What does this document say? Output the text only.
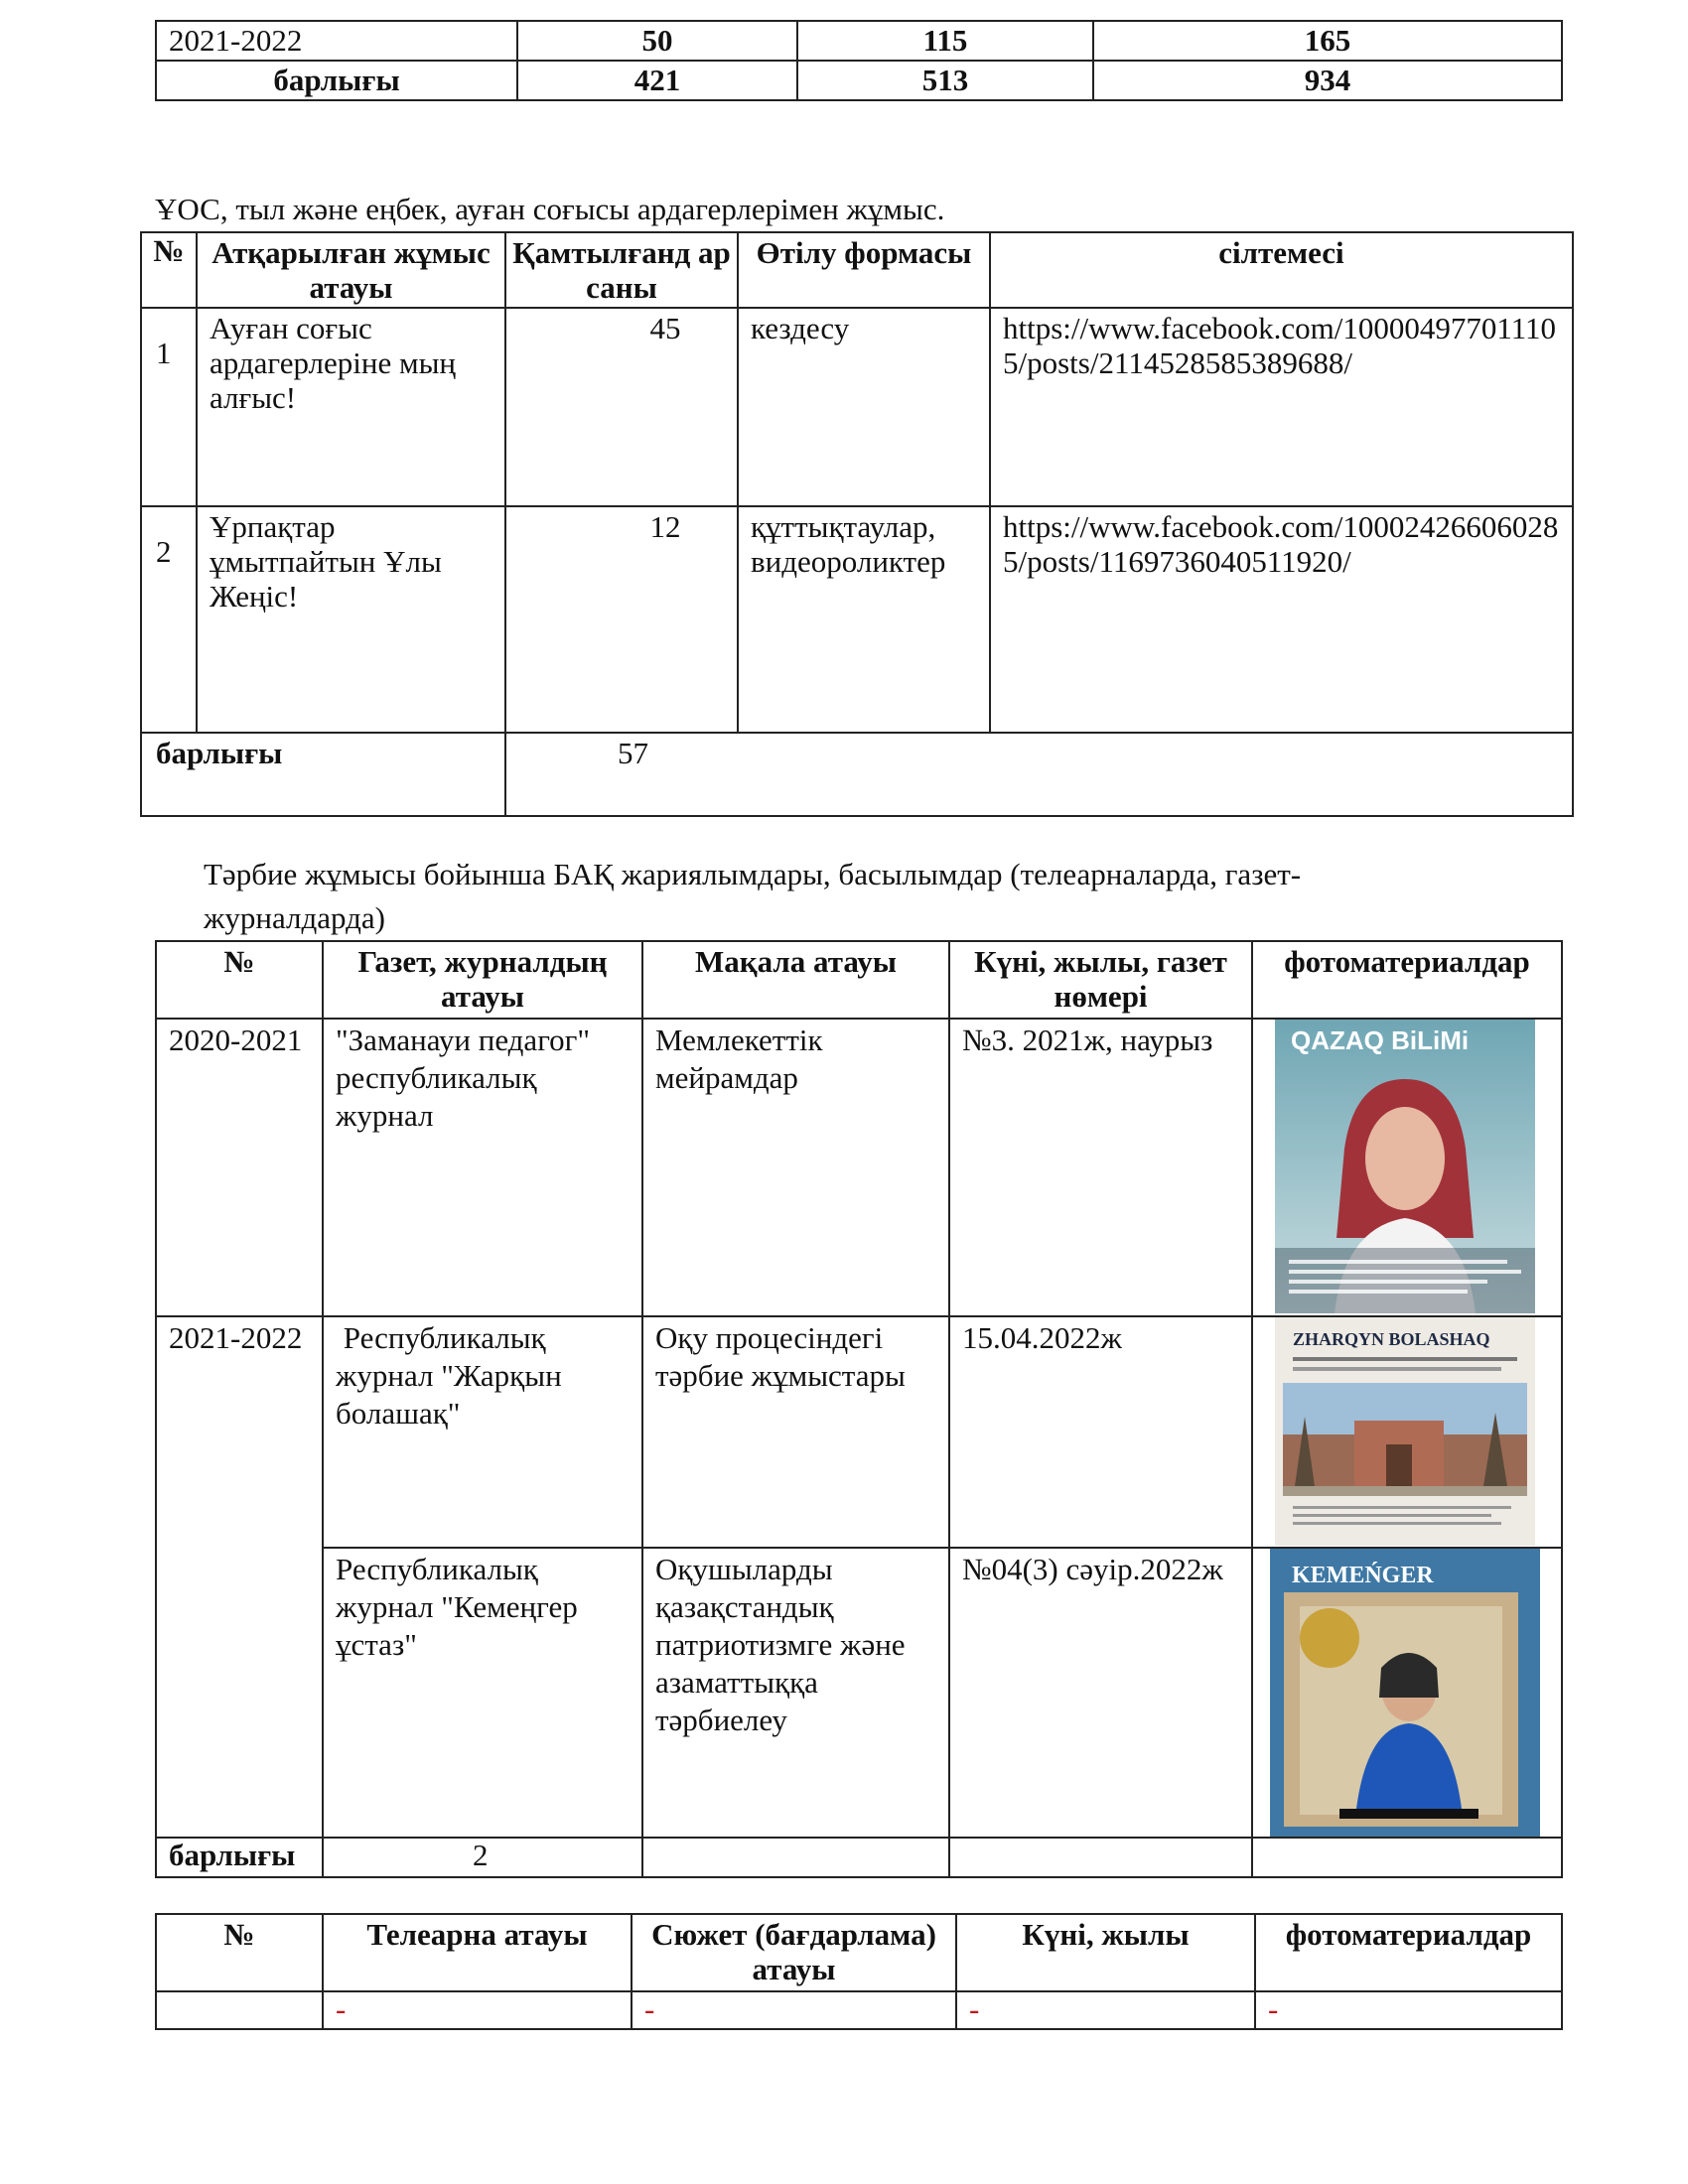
2021-2022	50	115	165
барлығы	421	513	934
ҰОС, тыл және еңбек, ауған соғысы ардагерлерімен жұмыс.
№	Атқарылған жұмыс атауы	Қамтылғанд ар саны	Өтілу формасы	сілтемесі
1	Ауған соғыс ардагерлеріне мың алғыс!	45	кездесу	https://www.facebook.com/100004977011105/posts/2114528585389688/
2	Ұрпақтар ұмытпайтын Ұлы Жеңіс!	12	құттықтаулар, видеороликтер	https://www.facebook.com/100024266060285/posts/1169736040511920/
барлығы		57		
Тәрбие жұмысы бойынша БАҚ жариялымдары, басылымдар (телеарналарда, газет-
журналдарда)
№	Газет, журналдың атауы	Мақала атауы	Күні, жылы, газет нөмері	фотоматериалдар
2020-2021	"Заманауи педагог" республикалық журнал	Мемлекеттік мейрамдар	№3. 2021ж, наурыз	QAZAQ BiLiMi

2021-2022	Республикалық журнал "Жарқын болашақ"	Оқу процесіндегі тәрбие жұмыстары	15.04.2022ж	ZHARQYN BOLASHAQ

	Республикалық журнал "Кемеңгер ұстаз"	Оқушыларды қазақстандық патриотизмге және азаматтыққа тәрбиелеу	№04(3) сәуір.2022ж	KEMEŃGER

барлығы	2			
№	Телеарна атауы	Сюжет (бағдарлама) атауы	Күні, жылы	фотоматериалдар
	-	-	-	-
